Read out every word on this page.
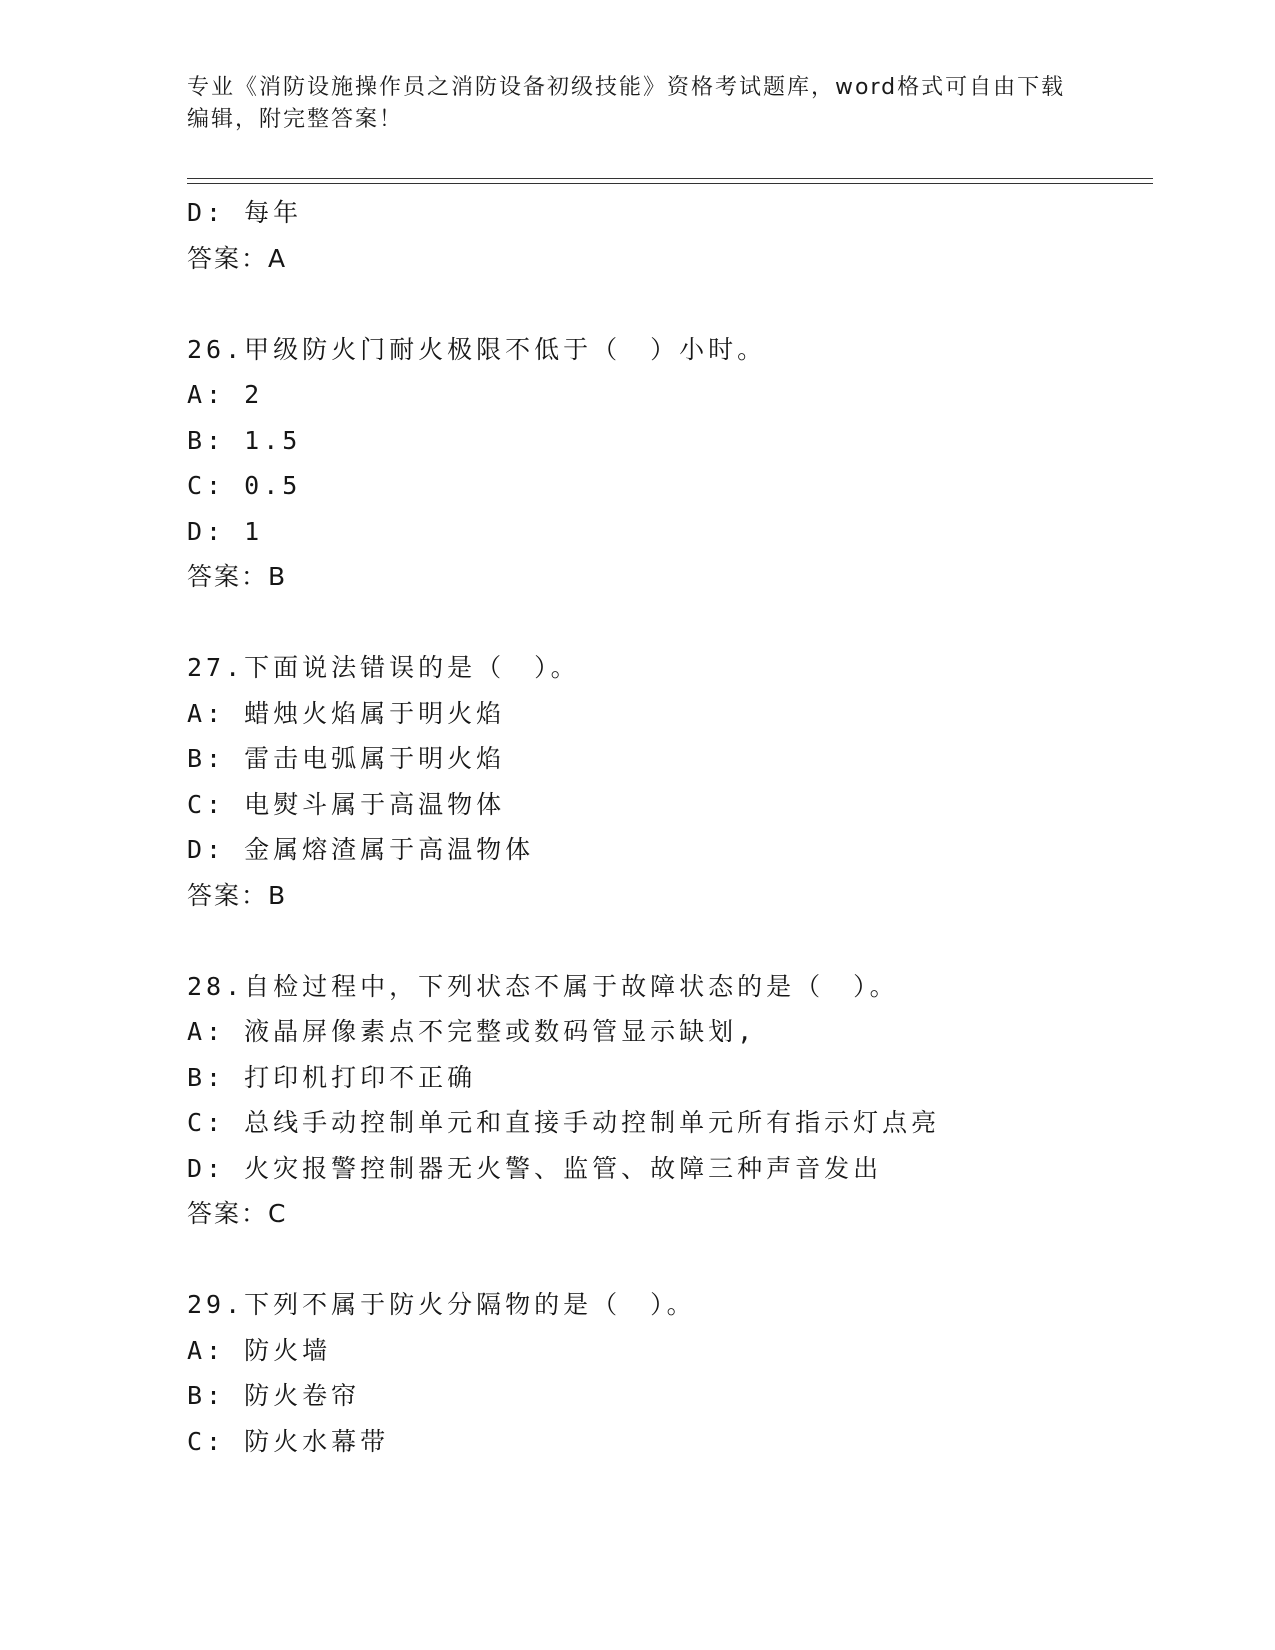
专业《消防设施操作员之消防设备初级技能》资格考试题库，word格式可自由下载编辑，附完整答案！
D: 每年
答案：A
26.甲级防火门耐火极限不低于（　）小时。
A: 2
B: 1.5
C: 0.5
D: 1
答案：B
27.下面说法错误的是（　）。
A: 蜡烛火焰属于明火焰
B: 雷击电弧属于明火焰
C: 电熨斗属于高温物体
D: 金属熔渣属于高温物体
答案：B
28.自检过程中，下列状态不属于故障状态的是（　）。
A: 液晶屏像素点不完整或数码管显示缺划,
B: 打印机打印不正确
C: 总线手动控制单元和直接手动控制单元所有指示灯点亮
D: 火灾报警控制器无火警、监管、故障三种声音发出
答案：C
29.下列不属于防火分隔物的是（　）。
A: 防火墙
B: 防火卷帘
C: 防火水幕带
